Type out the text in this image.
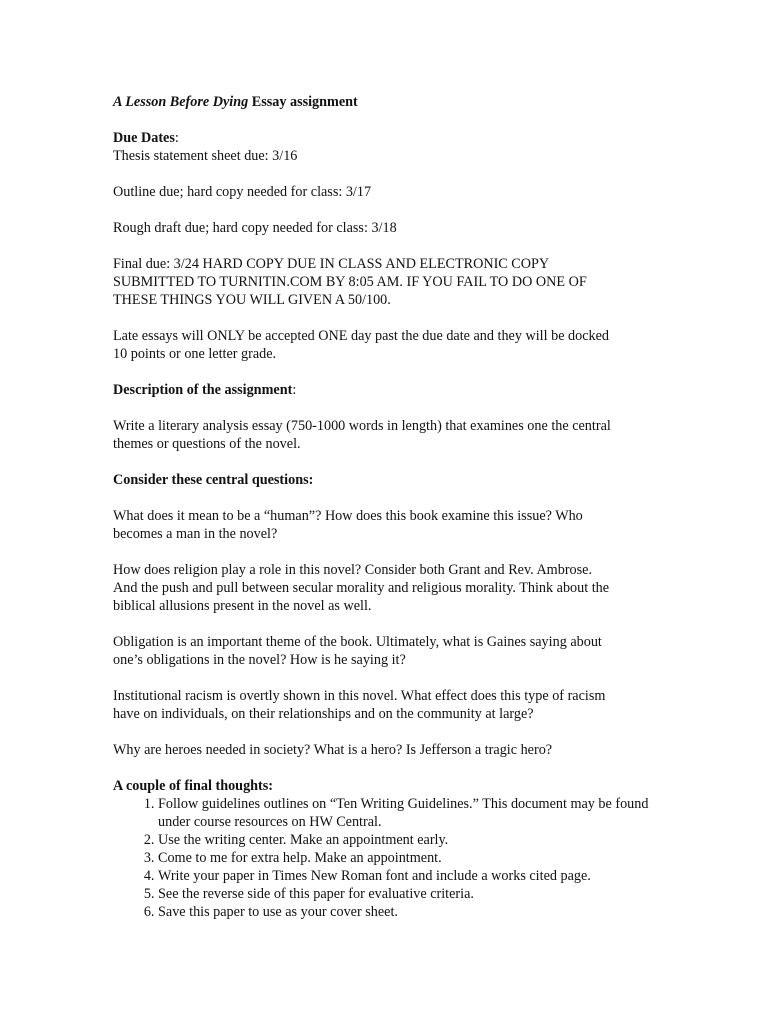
A Lesson Before Dying Essay assignment

Due Dates:

Thesis statement sheet due: 3/16

Outline due; hard copy needed for class: 3/17

Rough draft due; hard copy needed for class: 3/18

Final due: 3/24 HARD COPY DUE IN CLASS AND ELECTRONIC COPY
SUBMITTED TO TURNITIN.COM BY 8:05 AM. IF YOU FAIL TO DO ONE OF
THESE THINGS YOU WILL GIVEN A 50/100.

Late essays will ONLY be accepted ONE day past the due date and they will be docked
10 points or one letter grade.

Description of the assignment:

Write a literary analysis essay (750-1000 words in length) that examines one the central
themes or questions of the novel.

Consider these central questions:

What does it mean to be a “human”? How does this book examine this issue? Who
becomes a man in the novel?

How does religion play a role in this novel? Consider both Grant and Rev. Ambrose.
And the push and pull between secular morality and religious morality. Think about the
biblical allusions present in the novel as well.

Obligation is an important theme of the book. Ultimately, what is Gaines saying about
one’s obligations in the novel? How is he saying it?

Institutional racism is overtly shown in this novel. What effect does this type of racism
have on individuals, on their relationships and on the community at large?

Why are heroes needed in society? What is a hero? Is Jefferson a tragic hero?

A couple of final thoughts:
1. Follow guidelines outlines on “Ten Writing Guidelines.” This document may be found under course resources on HW Central.
2. Use the writing center. Make an appointment early.
3. Come to me for extra help. Make an appointment.
4. Write your paper in Times New Roman font and include a works cited page.
5. See the reverse side of this paper for evaluative criteria.
6. Save this paper to use as your cover sheet.
